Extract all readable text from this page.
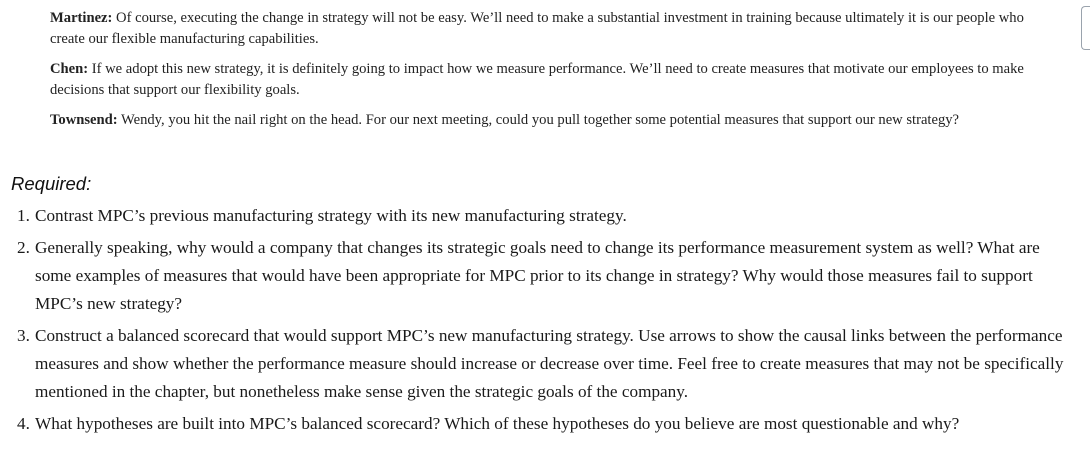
Martinez: Of course, executing the change in strategy will not be easy. We’ll need to make a substantial investment in training because ultimately it is our people who create our flexible manufacturing capabilities.
Chen: If we adopt this new strategy, it is definitely going to impact how we measure performance. We’ll need to create measures that motivate our employees to make decisions that support our flexibility goals.
Townsend: Wendy, you hit the nail right on the head. For our next meeting, could you pull together some potential measures that support our new strategy?
Required:
1. Contrast MPC’s previous manufacturing strategy with its new manufacturing strategy.
2. Generally speaking, why would a company that changes its strategic goals need to change its performance measurement system as well? What are some examples of measures that would have been appropriate for MPC prior to its change in strategy? Why would those measures fail to support MPC’s new strategy?
3. Construct a balanced scorecard that would support MPC’s new manufacturing strategy. Use arrows to show the causal links between the performance measures and show whether the performance measure should increase or decrease over time. Feel free to create measures that may not be specifically mentioned in the chapter, but nonetheless make sense given the strategic goals of the company.
4. What hypotheses are built into MPC’s balanced scorecard? Which of these hypotheses do you believe are most questionable and why?
